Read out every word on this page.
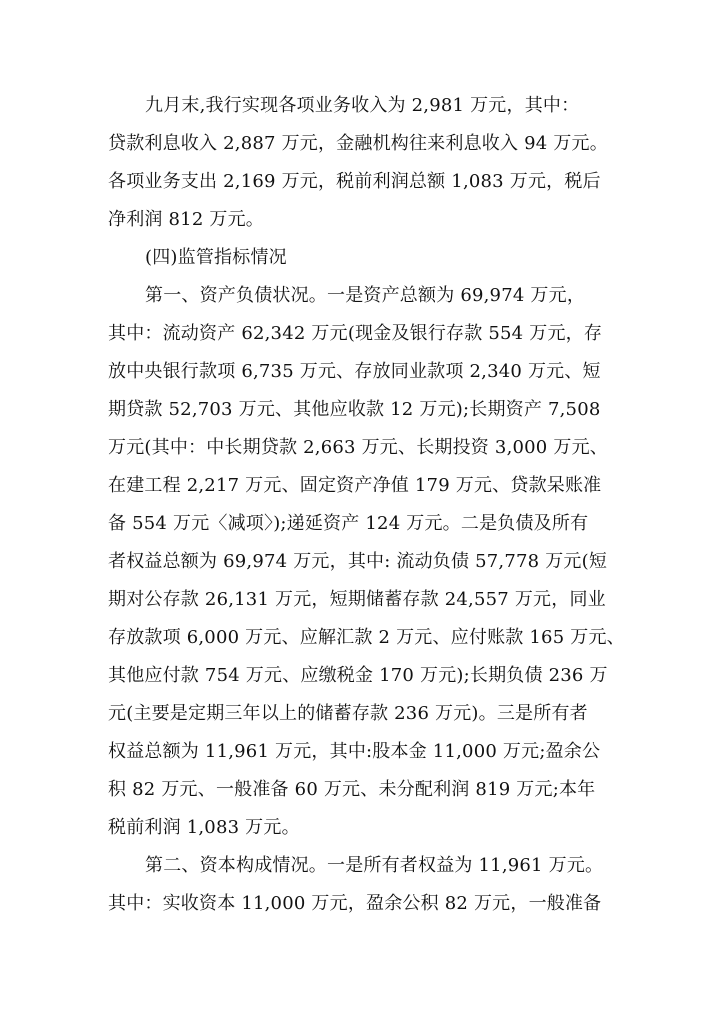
九月末,我行实现各项业务收入为 2,981 万元，其中：
贷款利息收入 2,887 万元，金融机构往来利息收入 94 万元。
各项业务支出 2,169 万元，税前利润总额 1,083 万元，税后
净利润 812 万元。
(四)监管指标情况
第一、资产负债状况。一是资产总额为 69,974 万元，
其中：流动资产 62,342 万元(现金及银行存款 554 万元，存
放中央银行款项 6,735 万元、存放同业款项 2,340 万元、短
期贷款 52,703 万元、其他应收款 12 万元);长期资产 7,508
万元(其中：中长期贷款 2,663 万元、长期投资 3,000 万元、
在建工程 2,217 万元、固定资产净值 179 万元、贷款呆账准
备 554 万元〈减项〉);递延资产 124 万元。二是负债及所有
者权益总额为 69,974 万元，其中: 流动负债 57,778 万元(短
期对公存款 26,131 万元，短期储蓄存款 24,557 万元，同业
存放款项 6,000 万元、应解汇款 2 万元、应付账款 165 万元、
其他应付款 754 万元、应缴税金 170 万元);长期负债 236 万
元(主要是定期三年以上的储蓄存款 236 万元)。三是所有者
权益总额为 11,961 万元，其中:股本金 11,000 万元;盈余公
积 82 万元、一般准备 60 万元、未分配利润 819 万元;本年
税前利润 1,083 万元。
第二、资本构成情况。一是所有者权益为 11,961 万元。
其中：实收资本 11,000 万元，盈余公积 82 万元，一般准备
